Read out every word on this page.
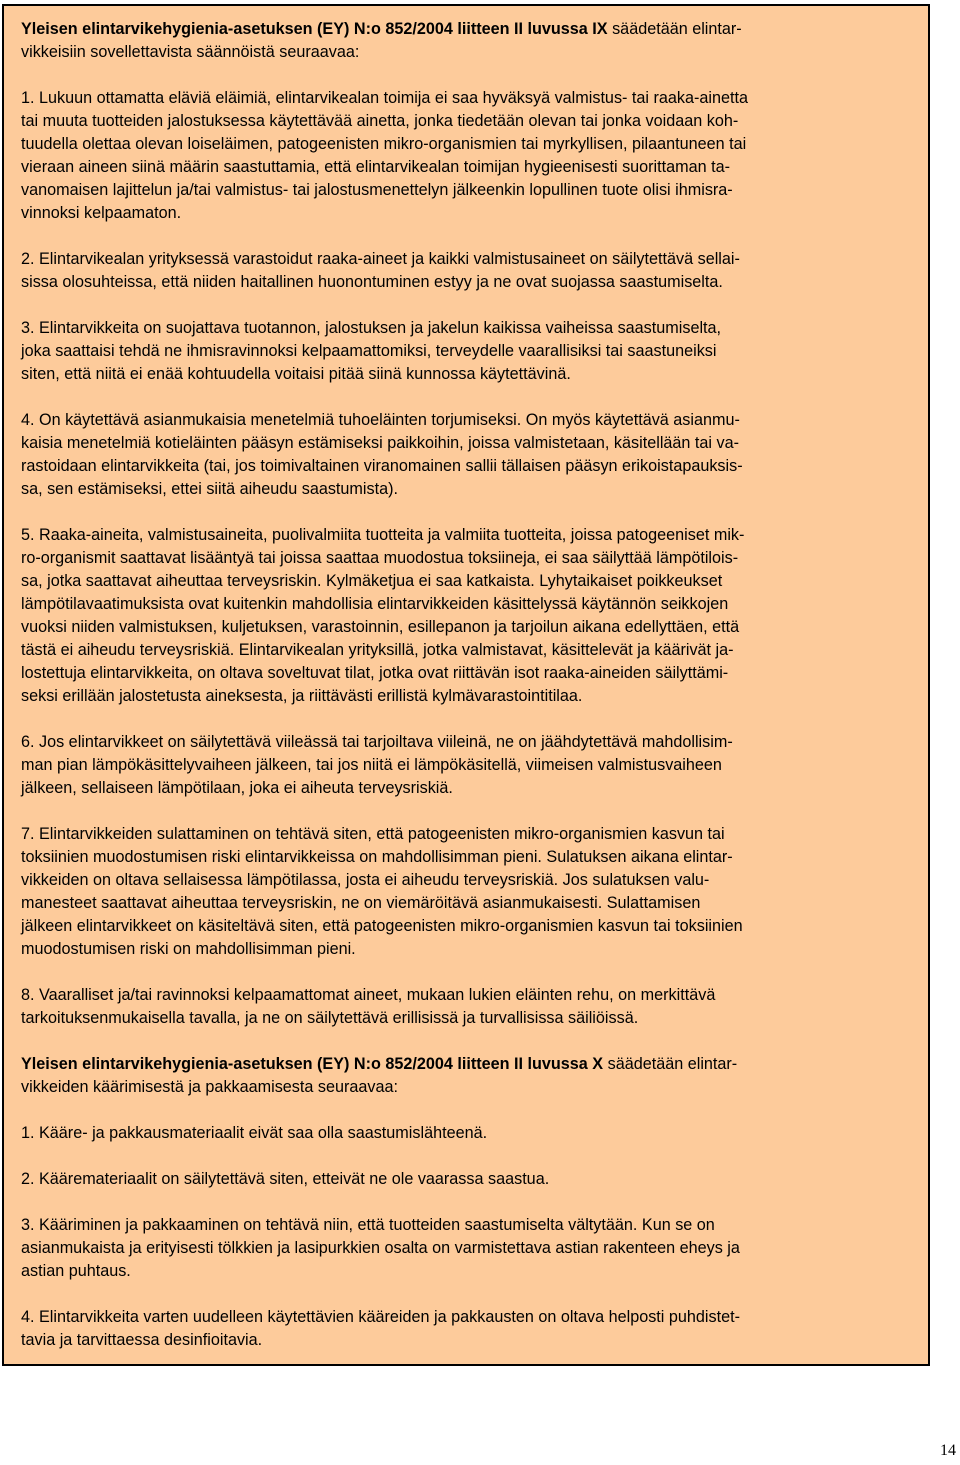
Yleisen elintarvikehygienia-asetuksen (EY) N:o 852/2004 liitteen II luvussa IX säädetään elintar-
vikkeisiin sovellettavista säännöistä seuraavaa:

1. Lukuun ottamatta eläviä eläimiä, elintarvikealan toimija ei saa hyväksyä valmistus- tai raaka-ainetta
tai muuta tuotteiden jalostuksessa käytettävää ainetta, jonka tiedetään olevan tai jonka voidaan koh-
tuudella olettaa olevan loiseläimen, patogeenisten mikro-organismien tai myrkyllisen, pilaantuneen tai
vieraan aineen siinä määrin saastuttamia, että elintarvikealan toimijan hygieenisesti suorittaman ta-
vanomaisen lajittelun ja/tai valmistus- tai jalostusmenettelyn jälkeenkin lopullinen tuote olisi ihmisra-
vinnoksi kelpaamaton.

2. Elintarvikealan yrityksessä varastoidut raaka-aineet ja kaikki valmistusaineet on säilytettävä sellai-
sissa olosuhteissa, että niiden haitallinen huonontuminen estyy ja ne ovat suojassa saastumiselta.

3. Elintarvikkeita on suojattava tuotannon, jalostuksen ja jakelun kaikissa vaiheissa saastumiselta,
joka saattaisi tehdä ne ihmisravinnoksi kelpaamattomiksi, terveydelle vaarallisiksi tai saastuneiksi
siten, että niitä ei enää kohtuudella voitaisi pitää siinä kunnossa käytettävinä.

4. On käytettävä asianmukaisia menetelmiä tuhoeläinten torjumiseksi. On myös käytettävä asianmu-
kaisia menetelmiä kotieläinten pääsyn estämiseksi paikkoihin, joissa valmistetaan, käsitellään tai va-
rastoidaan elintarvikkeita (tai, jos toimivaltainen viranomainen sallii tällaisen pääsyn erikoistapauksis-
sa, sen estämiseksi, ettei siitä aiheudu saastumista).

5. Raaka-aineita, valmistusaineita, puolivalmiita tuotteita ja valmiita tuotteita, joissa patogeeniset mik-
ro-organismit saattavat lisääntyä tai joissa saattaa muodostua toksiineja, ei saa säilyttää lämpötilois-
sa, jotka saattavat aiheuttaa terveysriskin. Kylmäketjua ei saa katkaista. Lyhytaikaiset poikkeukset
lämpötilavaatimuksista ovat kuitenkin mahdollisia elintarvikkeiden käsittelyssä käytännön seikkojen
vuoksi niiden valmistuksen, kuljetuksen, varastoinnin, esillepanon ja tarjoilun aikana edellyttäen, että
tästä ei aiheudu terveysriskiä. Elintarvikealan yrityksillä, jotka valmistavat, käsittelevät ja käärivät ja-
lostettuja elintarvikkeita, on oltava soveltuvat tilat, jotka ovat riittävän isot raaka-aineiden säilyttämi-
seksi erillään jalostetusta aineksesta, ja riittävästi erillistä kylmävarastointitilaa.

6. Jos elintarvikkeet on säilytettävä viileässä tai tarjoiltava viileinä, ne on jäähdytettävä mahdollisim-
man pian lämpökäsittelyvaiheen jälkeen, tai jos niitä ei lämpökäsitellä, viimeisen valmistusvaiheen
jälkeen, sellaiseen lämpötilaan, joka ei aiheuta terveysriskiä.

7. Elintarvikkeiden sulattaminen on tehtävä siten, että patogeenisten mikro-organismien kasvun tai
toksiinien muodostumisen riski elintarvikkeissa on mahdollisimman pieni. Sulatuksen aikana elintar-
vikkeiden on oltava sellaisessa lämpötilassa, josta ei aiheudu terveysriskiä. Jos sulatuksen valu-
manesteet saattavat aiheuttaa terveysriskin, ne on viemäröitävä asianmukaisesti. Sulattamisen
jälkeen elintarvikkeet on käsiteltävä siten, että patogeenisten mikro-organismien kasvun tai toksiinien
muodostumisen riski on mahdollisimman pieni.

8. Vaaralliset ja/tai ravinnoksi kelpaamattomat aineet, mukaan lukien eläinten rehu, on merkittävä
tarkoituksenmukaisella tavalla, ja ne on säilytettävä erillisissä ja turvallisissa säiliöissä.

Yleisen elintarvikehygienia-asetuksen (EY) N:o 852/2004 liitteen II luvussa X säädetään elintar-
vikkeiden käärimisestä ja pakkaamisesta seuraavaa:

1. Kääre- ja pakkausmateriaalit eivät saa olla saastumislähteenä.

2. Kääremateriaalit on säilytettävä siten, etteivät ne ole vaarassa saastua.

3. Kääriminen ja pakkaaminen on tehtävä niin, että tuotteiden saastumiselta vältytään. Kun se on
asianmukaista ja erityisesti tölkkien ja lasipurkkien osalta on varmistettava astian rakenteen eheys ja
astian puhtaus.

4. Elintarvikkeita varten uudelleen käytettävien kääreiden ja pakkausten on oltava helposti puhdistet-
tavia ja tarvittaessa desinfioitavia.

14
